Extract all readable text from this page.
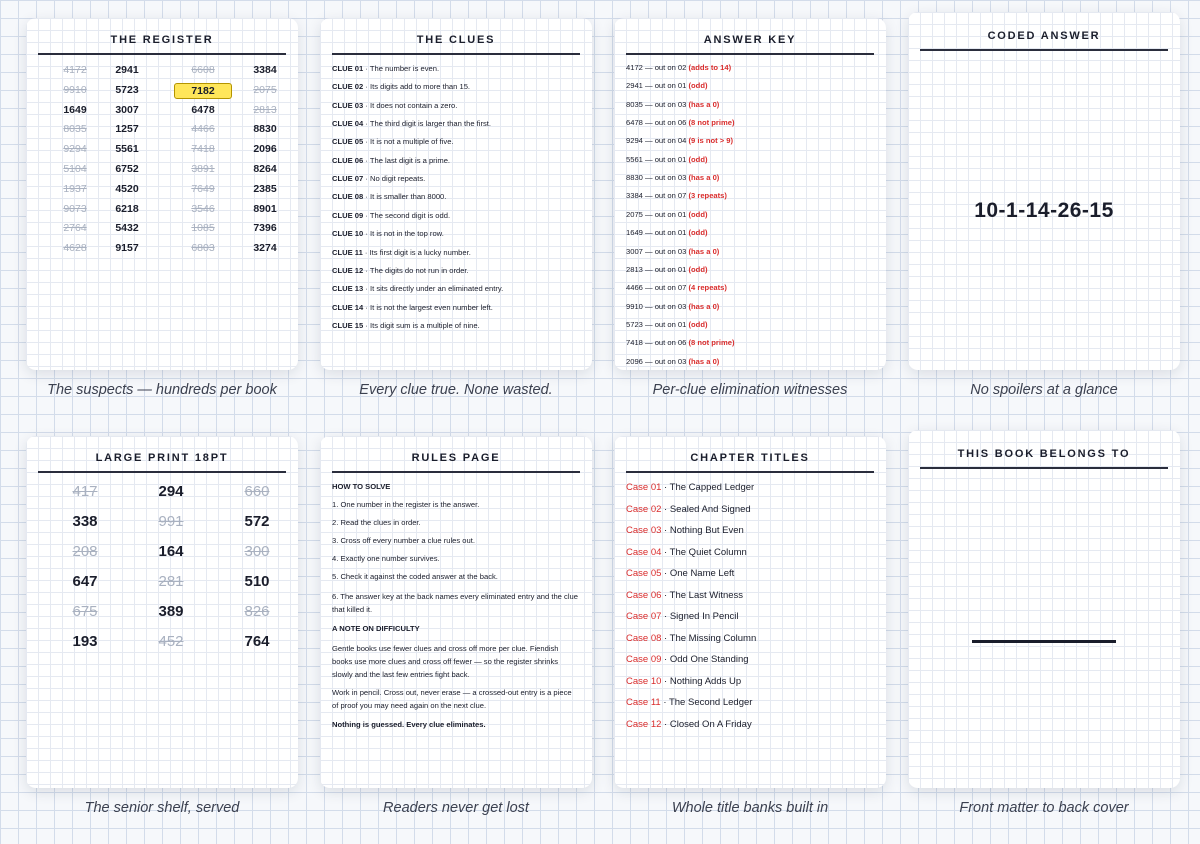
THE REGISTER
4172	2941	6608	3384
9910	5723	7182	2075
1649	3007	6478	2813
8035	1257	4466	8830
9294	5561	7418	2096
5104	6752	3891	8264
1937	4520	7649	2385
9073	6218	3546	8901
2764	5432	1085	7396
4628	9157	6803	3274
The suspects — hundreds per book
THE CLUES
CLUE 01 · The number is even.
CLUE 02 · Its digits add to more than 15.
CLUE 03 · It does not contain a zero.
CLUE 04 · The third digit is larger than the first.
CLUE 05 · It is not a multiple of five.
CLUE 06 · The last digit is a prime.
CLUE 07 · No digit repeats.
CLUE 08 · It is smaller than 8000.
CLUE 09 · The second digit is odd.
CLUE 10 · It is not in the top row.
CLUE 11 · Its first digit is a lucky number.
CLUE 12 · The digits do not run in order.
CLUE 13 · It sits directly under an eliminated entry.
CLUE 14 · It is not the largest even number left.
CLUE 15 · Its digit sum is a multiple of nine.
Every clue true. None wasted.
ANSWER KEY
4172 — out on 02 (adds to 14)
2941 — out on 01 (odd)
8035 — out on 03 (has a 0)
6478 — out on 06 (8 not prime)
9294 — out on 04 (9 is not > 9)
5561 — out on 01 (odd)
8830 — out on 03 (has a 0)
3384 — out on 07 (3 repeats)
2075 — out on 01 (odd)
1649 — out on 01 (odd)
3007 — out on 03 (has a 0)
2813 — out on 01 (odd)
4466 — out on 07 (4 repeats)
9910 — out on 03 (has a 0)
5723 — out on 01 (odd)
7418 — out on 06 (8 not prime)
2096 — out on 03 (has a 0)
Per-clue elimination witnesses
CODED ANSWER
10-1-14-26-15
No spoilers at a glance
LARGE PRINT 18PT
417	294	660
338	991	572
208	164	300
647	281	510
675	389	826
193	452	764
The senior shelf, served
RULES PAGE
HOW TO SOLVE
1. One number in the register is the answer.
2. Read the clues in order.
3. Cross off every number a clue rules out.
4. Exactly one number survives.
5. Check it against the coded answer at the back.
6. The answer key at the back names every eliminated entry and the clue that killed it.
A NOTE ON DIFFICULTY
Gentle books use fewer clues and cross off more per clue. Fiendish books use more clues and cross off fewer — so the register shrinks slowly and the last few entries fight back.
Work in pencil. Cross out, never erase — a crossed-out entry is a piece of proof you may need again on the next clue.
Nothing is guessed. Every clue eliminates.
Readers never get lost
CHAPTER TITLES
Case 01 · The Capped Ledger
Case 02 · Sealed And Signed
Case 03 · Nothing But Even
Case 04 · The Quiet Column
Case 05 · One Name Left
Case 06 · The Last Witness
Case 07 · Signed In Pencil
Case 08 · The Missing Column
Case 09 · Odd One Standing
Case 10 · Nothing Adds Up
Case 11 · The Second Ledger
Case 12 · Closed On A Friday
Whole title banks built in
THIS BOOK BELONGS TO
Front matter to back cover
